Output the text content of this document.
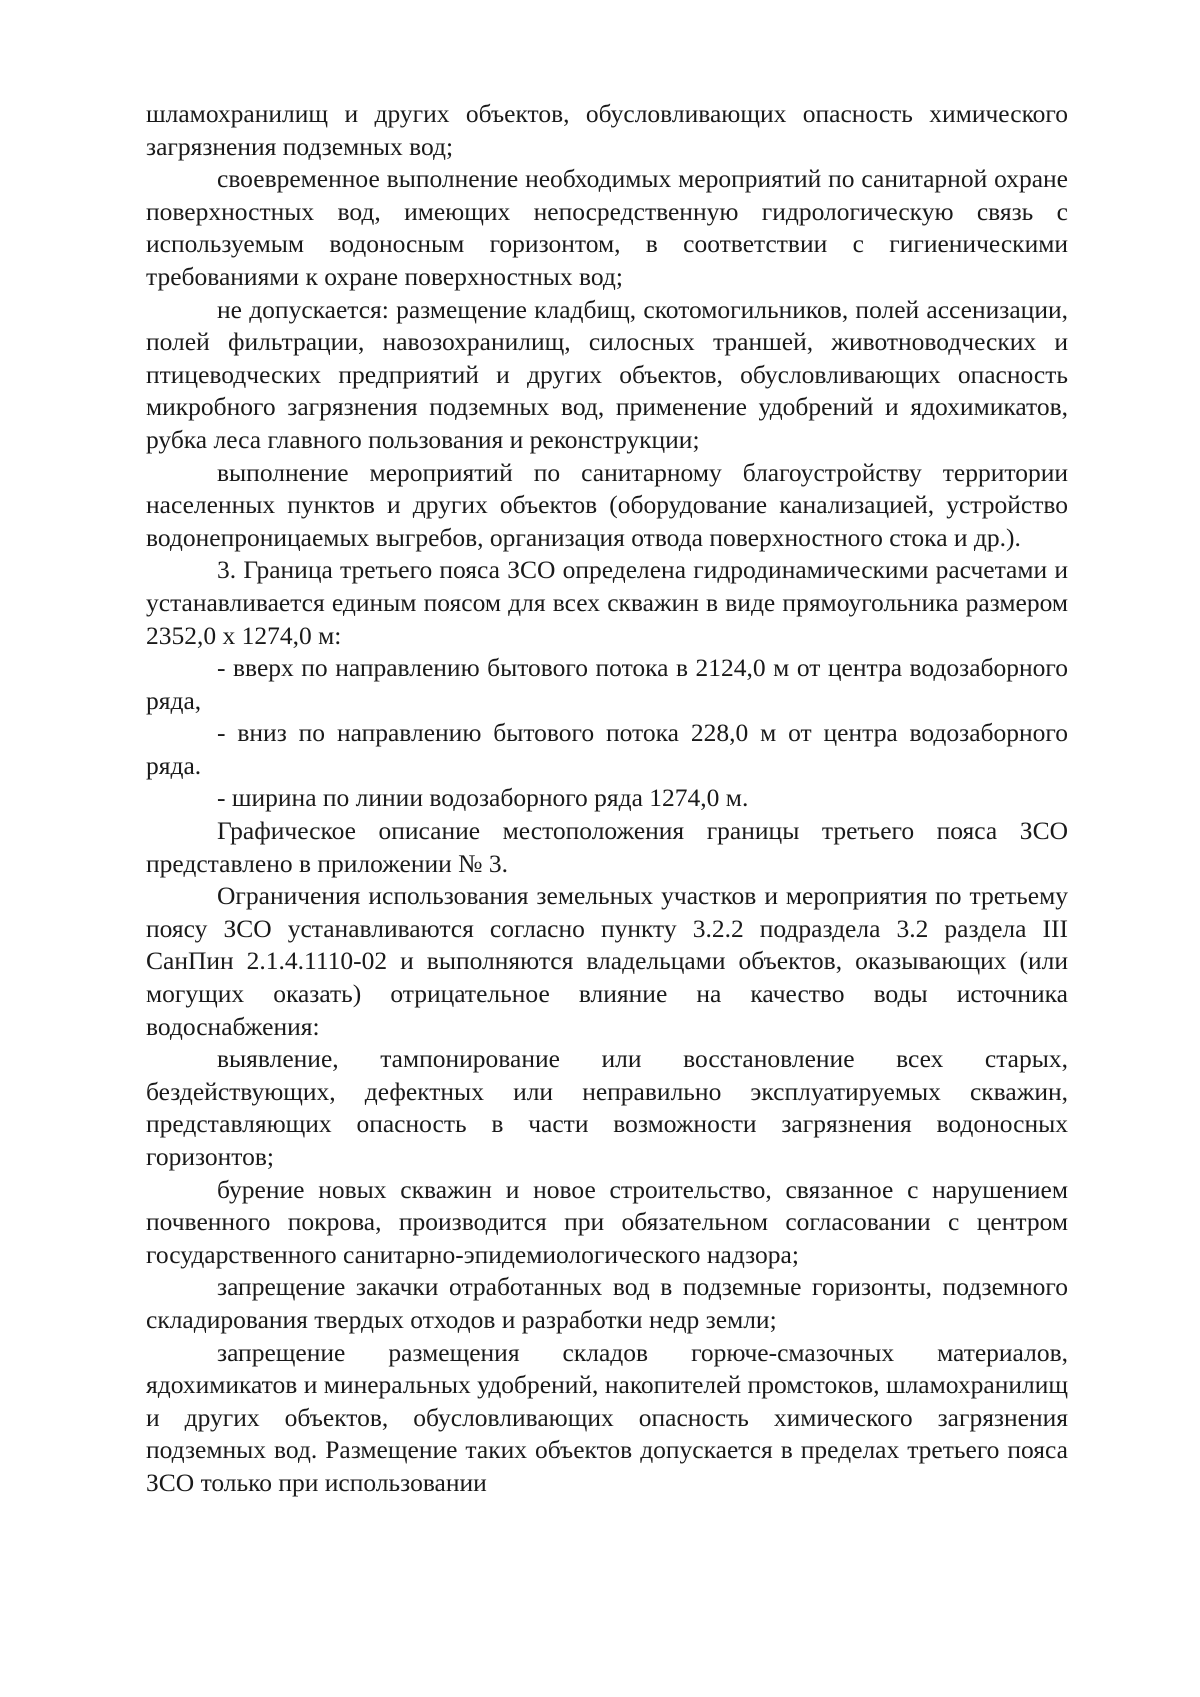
шламохранилищ и других объектов, обусловливающих опасность химического загрязнения подземных вод;

своевременное выполнение необходимых мероприятий по санитарной охране поверхностных вод, имеющих непосредственную гидрологическую связь с используемым водоносным горизонтом, в соответствии с гигиеническими требованиями к охране поверхностных вод;

не допускается: размещение кладбищ, скотомогильников, полей ассенизации, полей фильтрации, навозохранилищ, силосных траншей, животноводческих и птицеводческих предприятий и других объектов, обусловливающих опасность микробного загрязнения подземных вод, применение удобрений и ядохимикатов, рубка леса главного пользования и реконструкции;

выполнение мероприятий по санитарному благоустройству территории населенных пунктов и других объектов (оборудование канализацией, устройство водонепроницаемых выгребов, организация отвода поверхностного стока и др.).

3. Граница третьего пояса ЗСО определена гидродинамическими расчетами и устанавливается единым поясом для всех скважин в виде прямоугольника размером 2352,0 х 1274,0 м:

- вверх по направлению бытового потока в 2124,0 м от центра водозаборного ряда,

- вниз по направлению бытового потока 228,0 м от центра водозаборного ряда.

- ширина по линии водозаборного ряда 1274,0 м.

Графическое описание местоположения границы третьего пояса ЗСО представлено в приложении № 3.

Ограничения использования земельных участков и мероприятия по третьему поясу ЗСО устанавливаются согласно пункту 3.2.2 подраздела 3.2 раздела III СанПин 2.1.4.1110-02 и выполняются владельцами объектов, оказывающих (или могущих оказать) отрицательное влияние на качество воды источника водоснабжения:

выявление, тампонирование или восстановление всех старых, бездействующих, дефектных или неправильно эксплуатируемых скважин, представляющих опасность в части возможности загрязнения водоносных горизонтов;

бурение новых скважин и новое строительство, связанное с нарушением почвенного покрова, производится при обязательном согласовании с центром государственного санитарно-эпидемиологического надзора;

запрещение закачки отработанных вод в подземные горизонты, подземного складирования твердых отходов и разработки недр земли;

запрещение размещения складов горюче-смазочных материалов, ядохимикатов и минеральных удобрений, накопителей промстоков, шламохранилищ и других объектов, обусловливающих опасность химического загрязнения подземных вод. Размещение таких объектов допускается в пределах третьего пояса ЗСО только при использовании
